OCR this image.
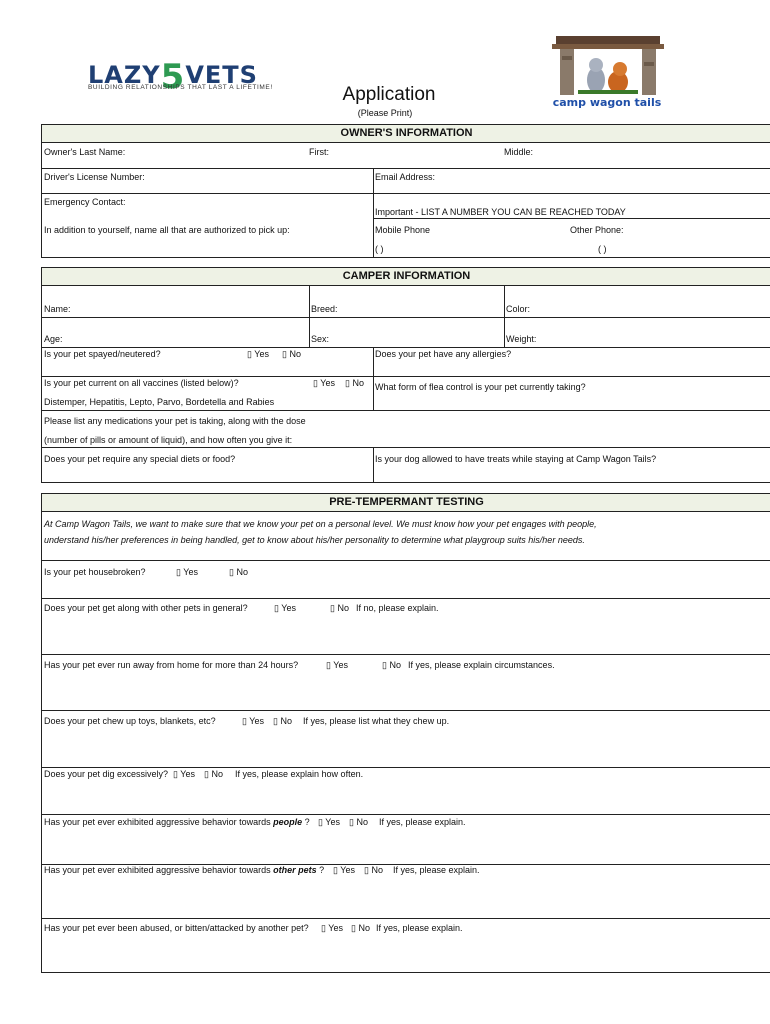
LAZY5VETS
BUILDING RELATIONSHIPS THAT LAST A LIFETIME!	Application
(Please Print)
camp wagon tails
OWNER'S INFORMATION
Owner's Last Name:	First:	Middle:
Driver's License Number:	Email Address:
Emergency Contact:
Important - LIST A NUMBER YOU CAN BE REACHED TODAY
In addition to yourself, name all that are authorized to pick up:	Mobile Phone	Other Phone:
( )	( )
CAMPER INFORMATION
Name:	Breed:	Color:
Age:	Sex:	Weight:
Is your pet spayed/neutered?	▯ Yes ▯ No	Does your pet have any allergies?
Is your pet current on all vaccines (listed below)?	▯ Yes ▯ No What form of flea control is your pet currently taking?
Distemper, Hepatitis, Lepto, Parvo, Bordetella and Rabies
Please list any medications your pet is taking, along with the dose
(number of pills or amount of liquid), and how often you give it:
Does your pet require any special diets or food?	Is your dog allowed to have treats while staying at Camp Wagon Tails?
PRE-TEMPERMANT TESTING
At Camp Wagon Tails, we want to make sure that we know your pet on a personal level. We must know how your pet engages with people,
understand his/her preferences in being handled, get to know about his/her personality to determine what playgroup suits his/her needs.
Is your pet housebroken?	▯ Yes	▯ No
Does your pet get along with other pets in general?	▯ Yes	▯ No If no, please explain.
Has your pet ever run away from home for more than 24 hours?	▯ Yes	▯ No If yes, please explain circumstances.
Does your pet chew up toys, blankets, etc?	▯ Yes ▯ No If yes, please list what they chew up.
Does your pet dig excessively? ▯ Yes ▯ No If yes, please explain how often.
Has your pet ever exhibited aggressive behavior towards people ? ▯ Yes ▯ No If yes, please explain.
Has your pet ever exhibited aggressive behavior towards other pets ? ▯ Yes ▯ No If yes, please explain.
Has your pet ever been abused, or bitten/attacked by another pet? ▯ Yes ▯ No If yes, please explain.
